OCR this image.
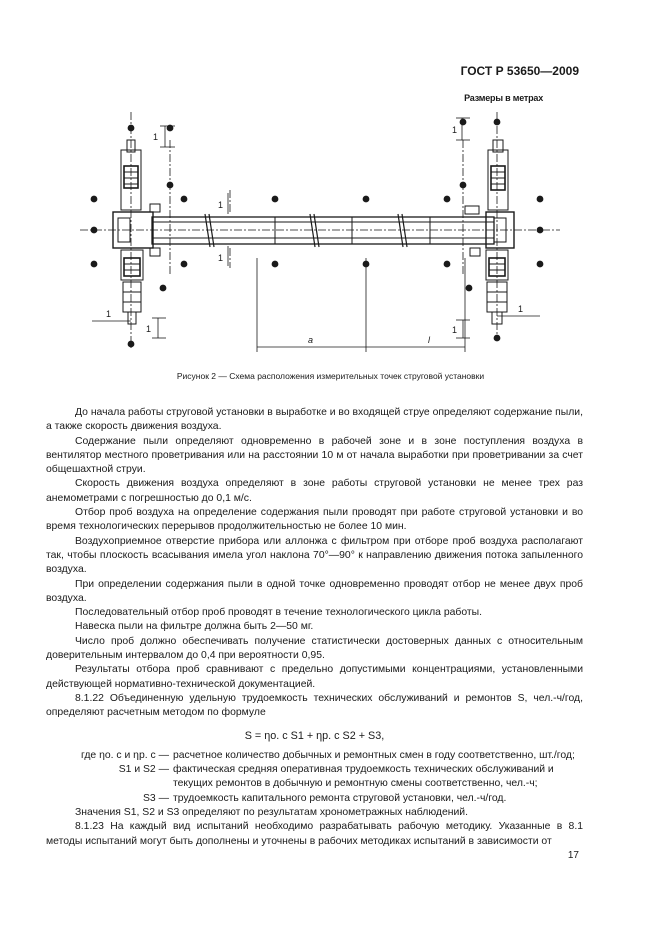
ГОСТ Р 53650—2009
Размеры в метрах
1	1
1
1
1
1
1	1
a	l
Рисунок 2 — Схема расположения измерительных точек струговой установки

До начала работы струговой установки в выработке и во входящей струе определяют содержание пыли, а также скорость движения воздуха.

Содержание пыли определяют одновременно в рабочей зоне и в зоне поступления воздуха в вентилятор местного проветривания или на расстоянии 10 м от начала выработки при проветривании за счет общешахтной струи.

Скорость движения воздуха определяют в зоне работы струговой установки не менее трех раз анемометрами с погрешностью до 0,1 м/с.

Отбор проб воздуха на определение содержания пыли проводят при работе струговой установки и во время технологических перерывов продолжительностью не более 10 мин.

Воздухоприемное отверстие прибора или аллонжа с фильтром при отборе проб воздуха располагают так, чтобы плоскость всасывания имела угол наклона 70°—90° к направлению движения потока запыленного воздуха.

При определении содержания пыли в одной точке одновременно проводят отбор не менее двух проб воздуха.

Последовательный отбор проб проводят в течение технологического цикла работы.

Навеска пыли на фильтре должна быть 2—50 мг.

Число проб должно обеспечивать получение статистически достоверных данных с относительным доверительным интервалом до 0,4 при вероятности 0,95.

Результаты отбора проб сравнивают с предельно допустимыми концентрациями, установленными действующей нормативно-технической документацией.

8.1.22 Объединенную удельную трудоемкость технических обслуживаний и ремонтов S, чел.-ч/год, определяют расчетным методом по формуле

S = ηо. с S1 + ηр. с S2 + S3,
где ηо. с и ηр. с — расчетное количество добычных и ремонтных смен в году соответственно, шт./год;
S1 и S2 — фактическая средняя оперативная трудоемкость технических обслуживаний и текущих ремонтов в добычную и ремонтную смены соответственно, чел.-ч;
S3 — трудоемкость капитального ремонта струговой установки, чел.-ч/год.

Значения S1, S2 и S3 определяют по результатам хронометражных наблюдений.

8.1.23 На каждый вид испытаний необходимо разрабатывать рабочую методику. Указанные в 8.1 методы испытаний могут быть дополнены и уточнены в рабочих методиках испытаний в зависимости от

17
